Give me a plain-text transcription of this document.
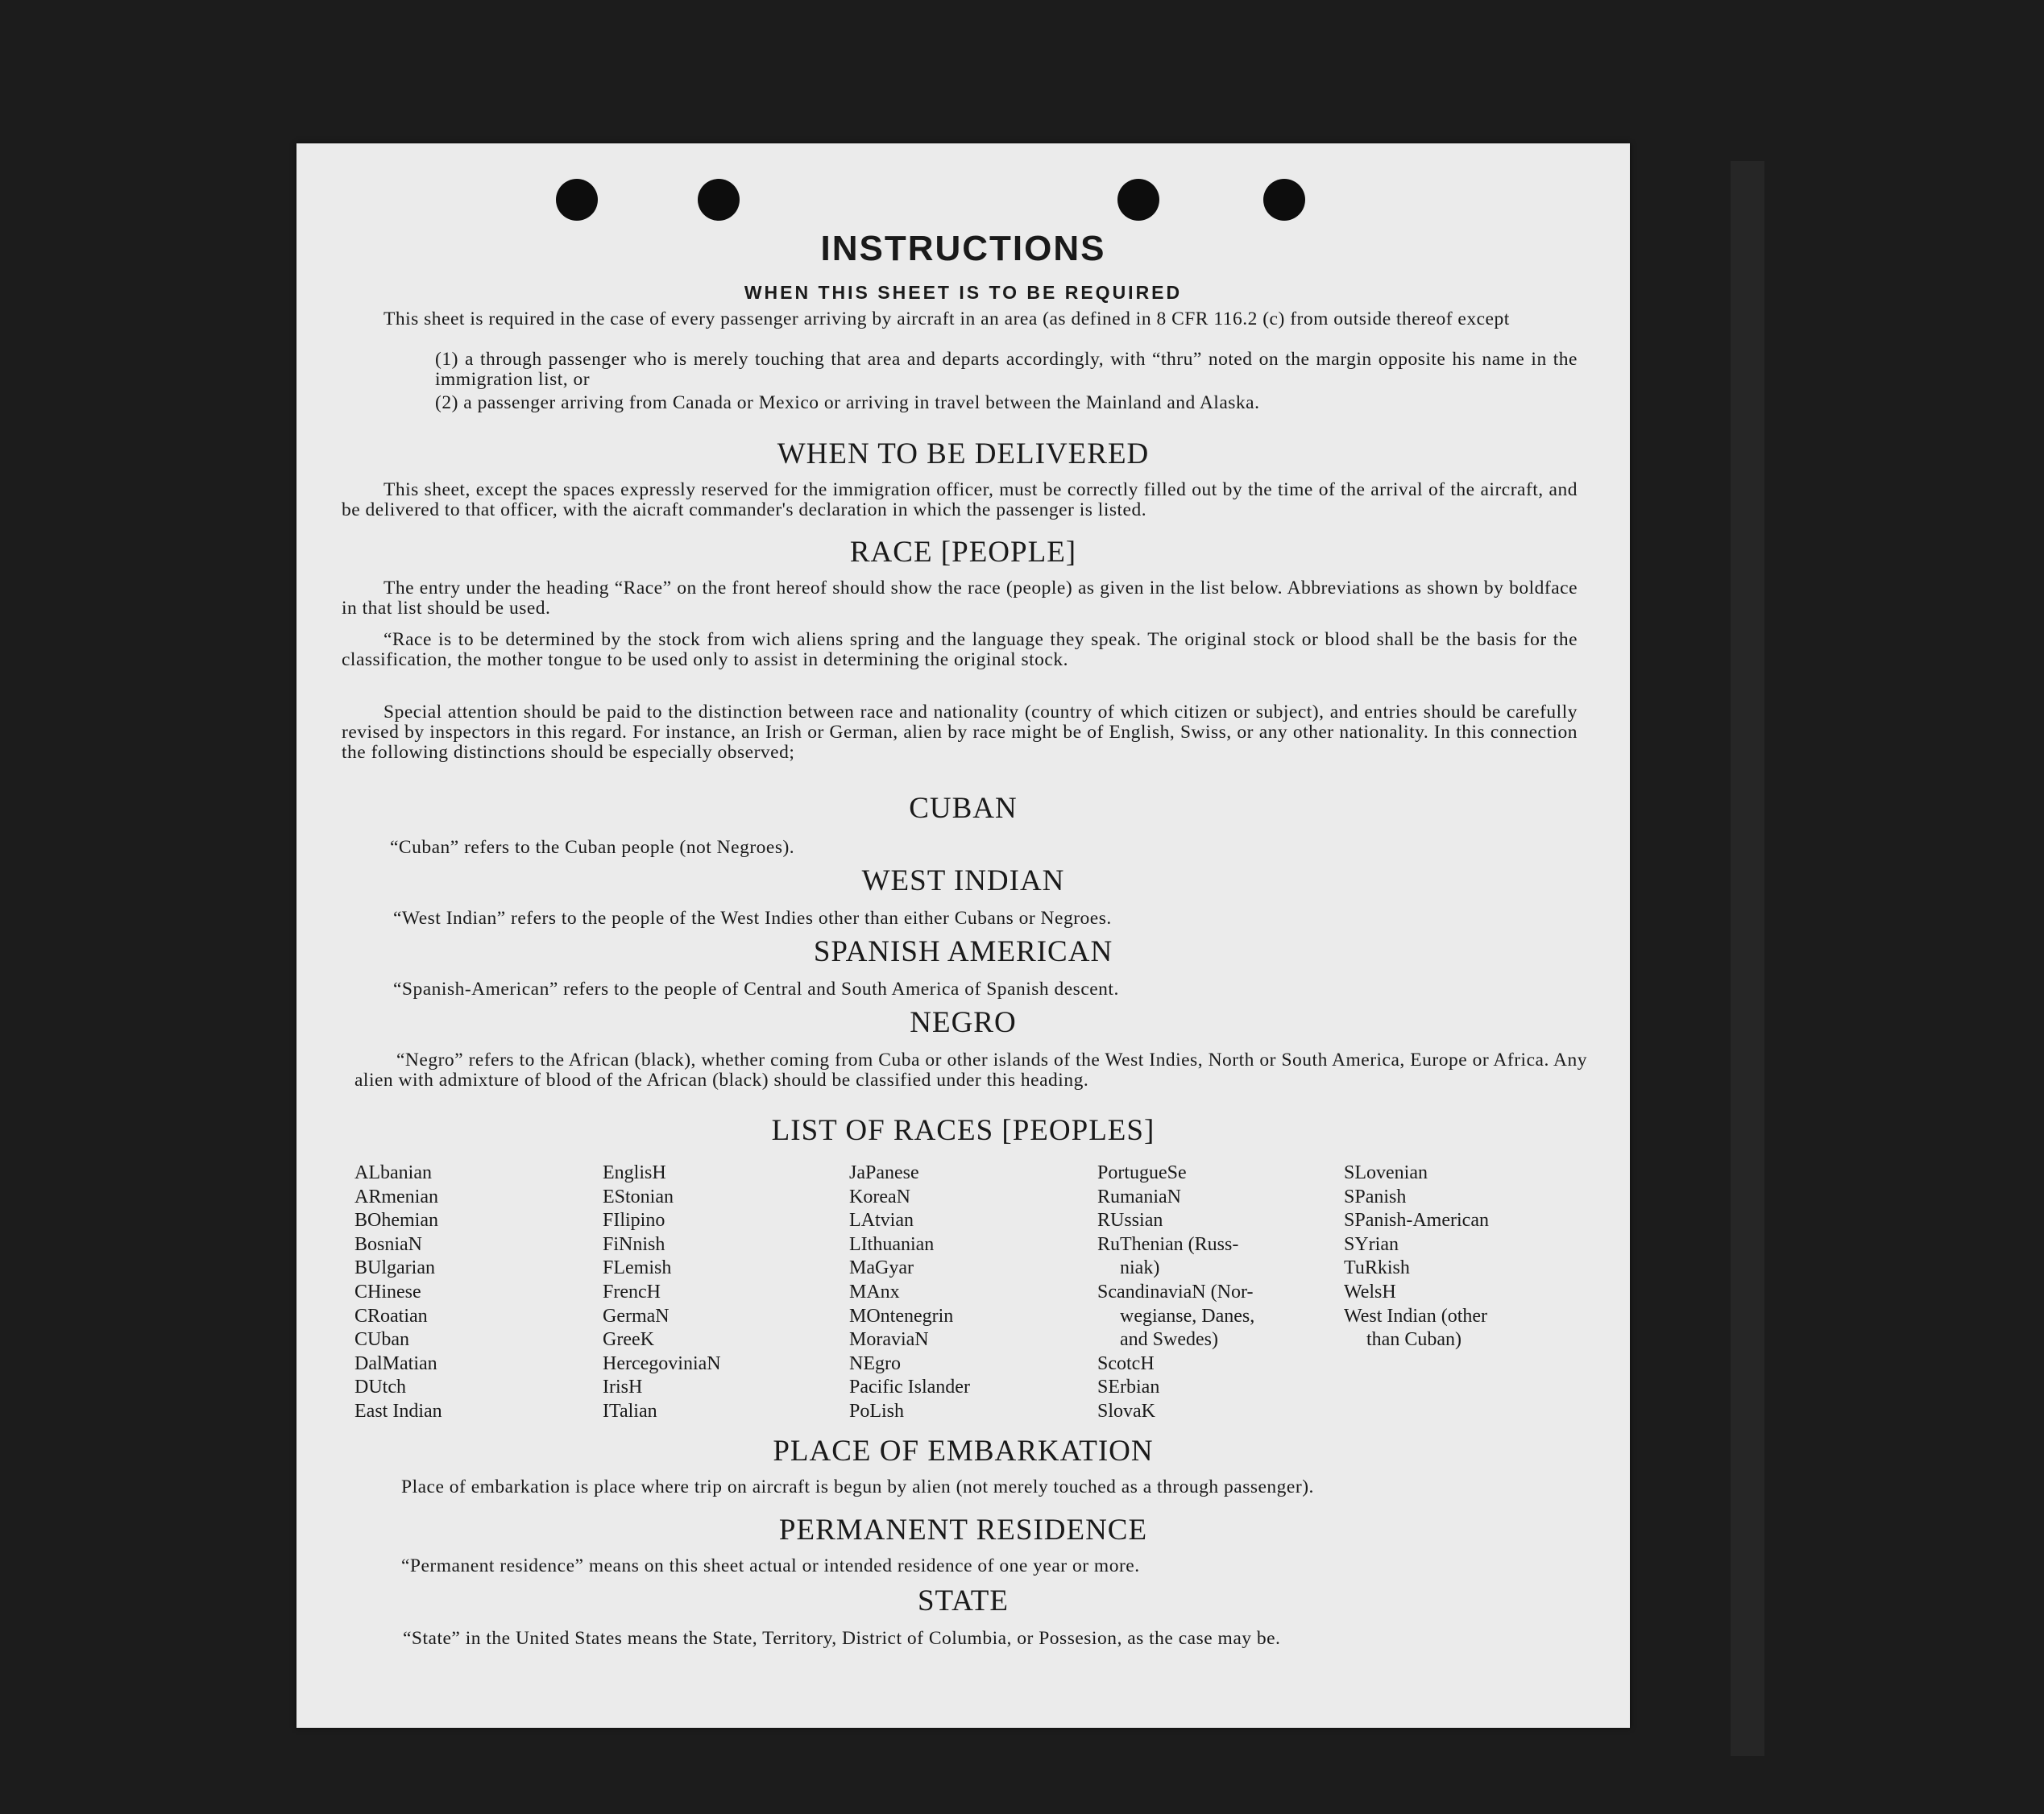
INSTRUCTIONS
WHEN THIS SHEET IS TO BE REQUIRED

This sheet is required in the case of every passenger arriving by aircraft in an area (as defined in 8 CFR 116.2 (c) from outside thereof except

(1) a through passenger who is merely touching that area and departs accordingly, with “thru” noted on the margin opposite his name in the immigration list, or
(2) a passenger arriving from Canada or Mexico or arriving in travel between the Mainland and Alaska.
WHEN TO BE DELIVERED

This sheet, except the spaces expressly reserved for the immigration officer, must be correctly filled out by the time of the arrival of the aircraft, and be delivered to that officer, with the aicraft commander's declaration in which the passenger is listed.

RACE [PEOPLE]

The entry under the heading “Race” on the front hereof should show the race (people) as given in the list below. Abbreviations as shown by boldface in that list should be used.

“Race is to be determined by the stock from wich aliens spring and the language they speak. The original stock or blood shall be the basis for the classification, the mother tongue to be used only to assist in determining the original stock.

Special attention should be paid to the distinction between race and nationality (country of which citizen or subject), and entries should be carefully revised by inspectors in this regard. For instance, an Irish or German, alien by race might be of English, Swiss, or any other nationality. In this connection the following distinctions should be especially observed;

CUBAN
“Cuban” refers to the Cuban people (not Negroes).
WEST INDIAN
“West Indian” refers to the people of the West Indies other than either Cubans or Negroes.
SPANISH AMERICAN
“Spanish-American” refers to the people of Central and South America of Spanish descent.
NEGRO

“Negro” refers to the African (black), whether coming from Cuba or other islands of the West Indies, North or South America, Europe or Africa. Any alien with admixture of blood of the African (black) should be classified under this heading.

LIST OF RACES [PEOPLES]
ALbanian
ARmenian
BOhemian
BosniaN
BUlgarian
CHinese
CRoatian
CUban
DalMatian
DUtch
East Indian
EnglisH
EStonian
FIlipino
FiNnish
FLemish
FrencH
GermaN
GreeK
HercegoviniaN
IrisH
ITalian
JaPanese
KoreaN
LAtvian
LIthuanian
MaGyar
MAnx
MOntenegrin
MoraviaN
NEgro
Pacific Islander
PoLish
PortugueSe
RumaniaN
RUssian
RuThenian (Russ-
niak)
ScandinaviaN (Nor-
wegianse, Danes,
and Swedes)
ScotcH
SErbian
SlovaK
SLovenian
SPanish
SPanish-American
SYrian
TuRkish
WelsH
West Indian (other
than Cuban)
PLACE OF EMBARKATION

Place of embarkation is place where trip on aircraft is begun by alien (not merely touched as a through passenger).

PERMANENT RESIDENCE
“Permanent residence” means on this sheet actual or intended residence of one year or more.
STATE

“State” in the United States means the State, Territory, District of Columbia, or Possesion, as the case may be.
